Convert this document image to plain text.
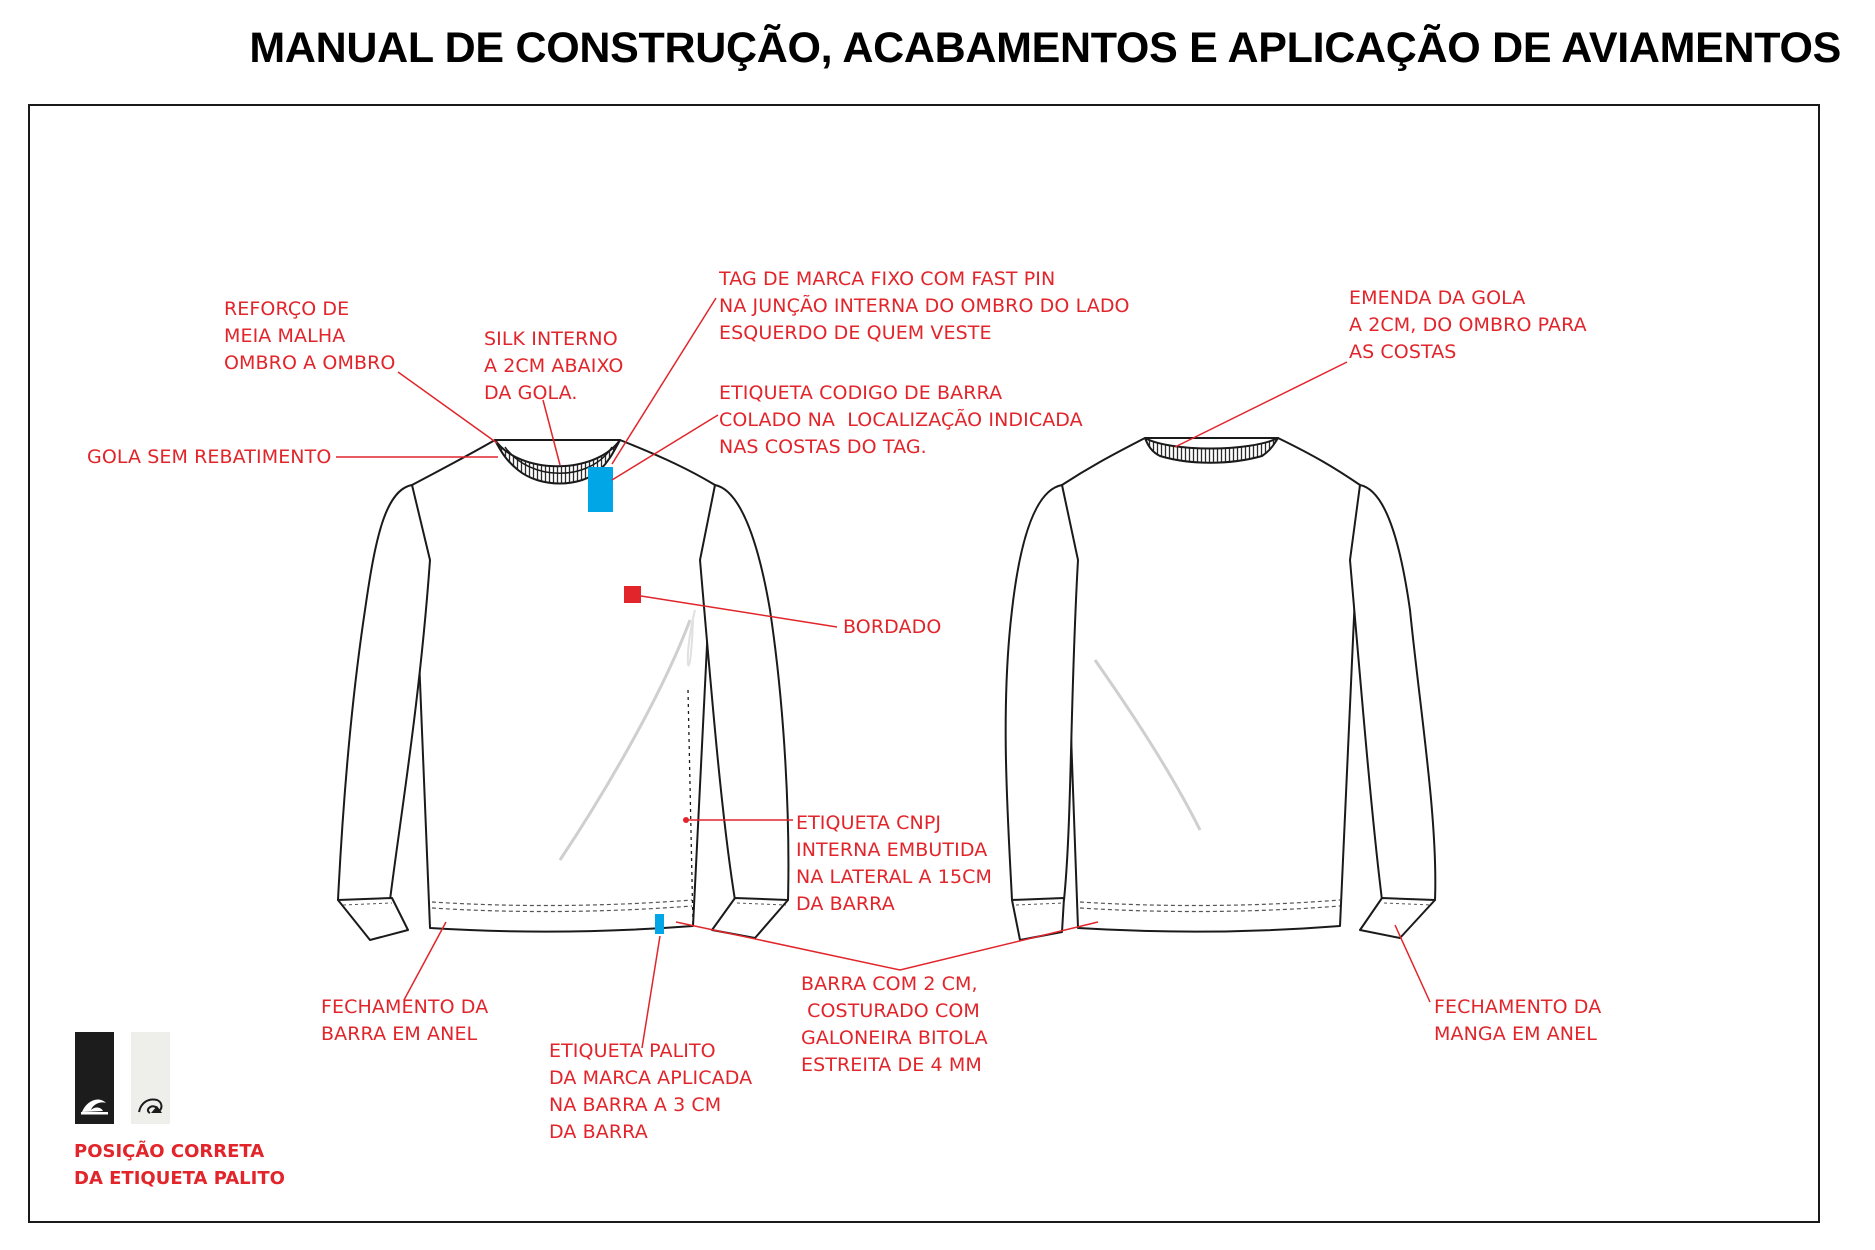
MANUAL DE CONSTRUÇÃO, ACABAMENTOS E APLICAÇÃO DE AVIAMENTOS
REFORÇO DE
MEIA MALHA
OMBRO A OMBRO
SILK INTERNO
A 2CM ABAIXO
DA GOLA.
TAG DE MARCA FIXO COM FAST PIN
NA JUNÇÃO INTERNA DO OMBRO DO LADO
ESQUERDO DE QUEM VESTE
ETIQUETA CODIGO DE BARRA
COLADO NA  LOCALIZAÇÃO INDICADA
NAS COSTAS DO TAG.
GOLA SEM REBATIMENTO
BORDADO
ETIQUETA CNPJ
INTERNA EMBUTIDA
NA LATERAL A 15CM
DA BARRA
FECHAMENTO DA
BARRA EM ANEL
ETIQUETA PALITO
DA MARCA APLICADA
NA BARRA A 3 CM
DA BARRA
BARRA COM 2 CM,
COSTURADO COM
GALONEIRA BITOLA
ESTREITA DE 4 MM
EMENDA DA GOLA
A 2CM, DO OMBRO PARA
AS COSTAS
FECHAMENTO DA
MANGA EM ANEL
POSIÇÃO CORRETA
DA ETIQUETA PALITO
